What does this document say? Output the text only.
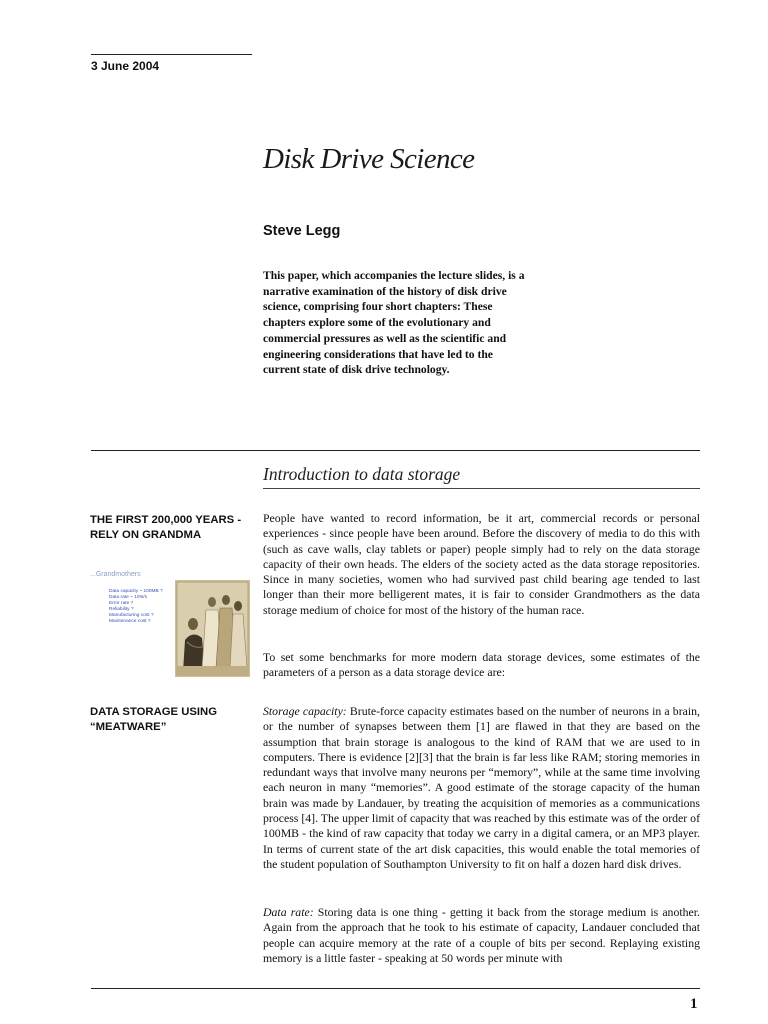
3 June 2004
Disk Drive Science
Steve Legg
This paper, which accompanies the lecture slides, is a narrative examination of the history of disk drive science, comprising four short chapters: These chapters explore some of the evolutionary and commercial pressures as well as the scientific and engineering considerations that have led to the current state of disk drive technology.
Introduction to data storage
THE FIRST 200,000 YEARS - RELY ON GRANDMA
DATA STORAGE USING “MEATWARE”
...Grandmothers
Data capacity ~ 100MB ?
Data rate ~ 1/0s/s
Error rate ?
Reliability ?
Manufacturing cost ?
Maintenance cost ?
People have wanted to record information, be it art, commercial records or personal experiences - since people have been around. Before the discovery of media to do this with (such as cave walls, clay tablets or paper) people simply had to rely on the data storage capacity of their own heads. The elders of the society acted as the data storage repositories. Since in many societies, women who had survived past child bearing age tended to last longer than their more belligerent mates, it is fair to consider Grandmothers as the data storage medium of choice for most of the history of the human race.
To set some benchmarks for more modern data storage devices, some estimates of the parameters of a person as a data storage device are:
Storage capacity: Brute-force capacity estimates based on the number of neurons in a brain, or the number of synapses between them [1] are flawed in that they are based on the assumption that brain storage is analogous to the kind of RAM that we are used to in computers. There is evidence [2][3] that the brain is far less like RAM; storing memories in redundant ways that involve many neurons per “memory”, while at the same time involving each neuron in many “memories”. A good estimate of the storage capacity of the human brain was made by Landauer, by treating the acquisition of memories as a communications process [4]. The upper limit of capacity that was reached by this estimate was of the order of 100MB - the kind of raw capacity that today we carry in a digital camera, or an MP3 player. In terms of current state of the art disk capacities, this would enable the total memories of the student population of Southampton University to fit on half a dozen hard disk drives.
Data rate: Storing data is one thing - getting it back from the storage medium is another. Again from the approach that he took to his estimate of capacity, Landauer concluded that people can acquire memory at the rate of a couple of bits per second. Replaying existing memory is a little faster - speaking at 50 words per minute with
1
